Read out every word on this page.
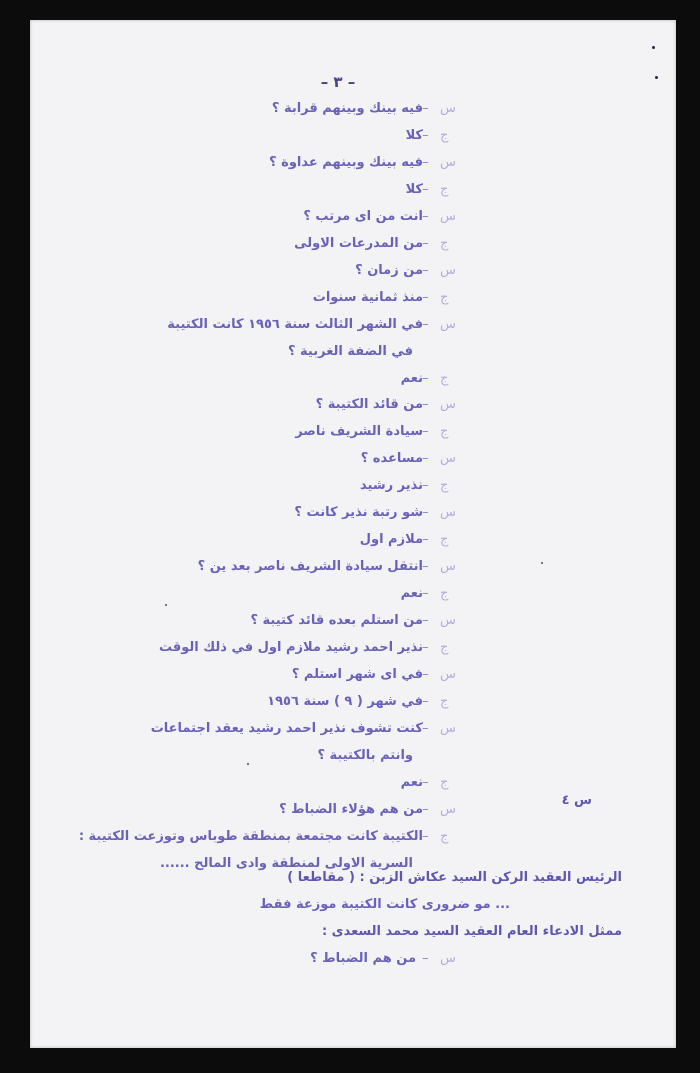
– ٣ –
س
–
فيه بينك وبينهم قرابة ؟
ج
–
كلا
س
–
فيه بينك وبينهم عداوة ؟
ج
–
كلا
س
–
انت من اى مرتب ؟
ج
–
من المدرعات الاولى
س
–
من زمان ؟
ج
–
منذ ثمانية سنوات
س
–
في الشهر الثالث سنة ١٩٥٦ كانت الكتيبة
في الضفة الغربية ؟
ج
–
نعم
س
–
من قائد الكتيبة ؟
ج
–
سيادة الشريف ناصر
س
–
مساعده ؟
ج
–
نذير رشيد
س
–
شو رتبة نذير كانت ؟
ج
–
ملازم اول
س
–
انتقل سيادة الشريف ناصر بعد ين ؟
ج
–
نعم
س
–
من استلم بعده قائد كتيبة ؟
ج
–
نذير احمد رشيد ملازم اول في ذلك الوقت
س
–
في اى شهر استلم ؟
ج
–
في شهر ( ٩ ) سنة ١٩٥٦
س
–
كنت تشوف نذير احمد رشيد يعقد اجتماعات
وانتم بالكتيبة ؟
ج
–
نعم
س
–
من هم هؤلاء الضباط ؟
ج
–
الكتيبة كانت مجتمعة بمنطقة طوباس وتوزعت الكتيبة :
السرية الاولى لمنطقة وادى المالح ......
س ٤
الرئيس العقيد الركن السيد عكاش الزبن : ( مقاطعا )
... مو ضرورى كانت الكتيبة موزعة فقط
ممثل الادعاء العام العقيد السيد محمد السعدى :
س
–
من هم الضباط ؟
